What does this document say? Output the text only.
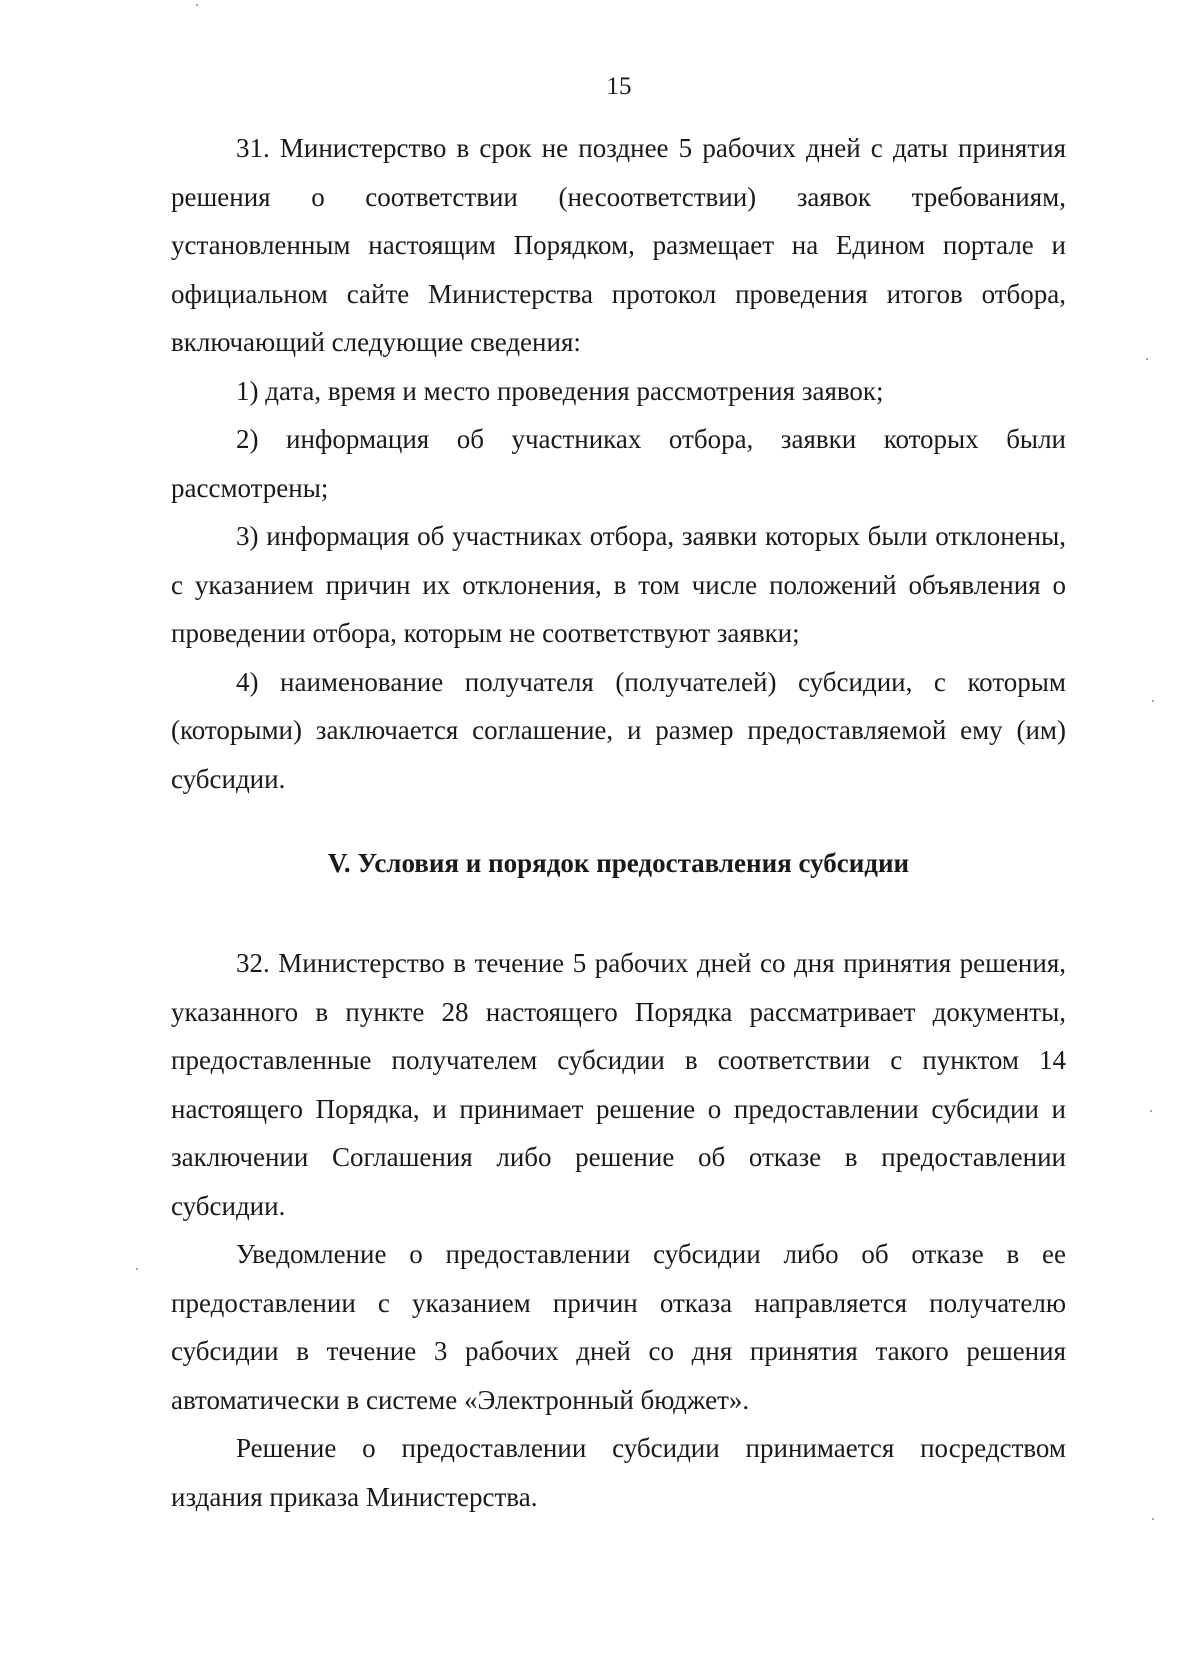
15

31. Министерство в срок не позднее 5 рабочих дней с даты принятия решения о соответствии (несоответствии) заявок требованиям, установленным настоящим Порядком, размещает на Едином портале и официальном сайте Министерства протокол проведения итогов отбора, включающий следующие сведения:

1) дата, время и место проведения рассмотрения заявок;

2) информация об участниках отбора, заявки которых были рассмотрены;

3) информация об участниках отбора, заявки которых были отклонены, с указанием причин их отклонения, в том числе положений объявления о проведении отбора, которым не соответствуют заявки;

4) наименование получателя (получателей) субсидии, с которым (которыми) заключается соглашение, и размер предоставляемой ему (им) субсидии.

V. Условия и порядок предоставления субсидии

32. Министерство в течение 5 рабочих дней со дня принятия решения, указанного в пункте 28 настоящего Порядка рассматривает документы, предоставленные получателем субсидии в соответствии с пунктом 14 настоящего Порядка, и принимает решение о предоставлении субсидии и заключении Соглашения либо решение об отказе в предоставлении субсидии.

Уведомление о предоставлении субсидии либо об отказе в ее предоставлении с указанием причин отказа направляется получателю субсидии в течение 3 рабочих дней со дня принятия такого решения автоматически в системе «Электронный бюджет».

Решение о предоставлении субсидии принимается посредством издания приказа Министерства.
